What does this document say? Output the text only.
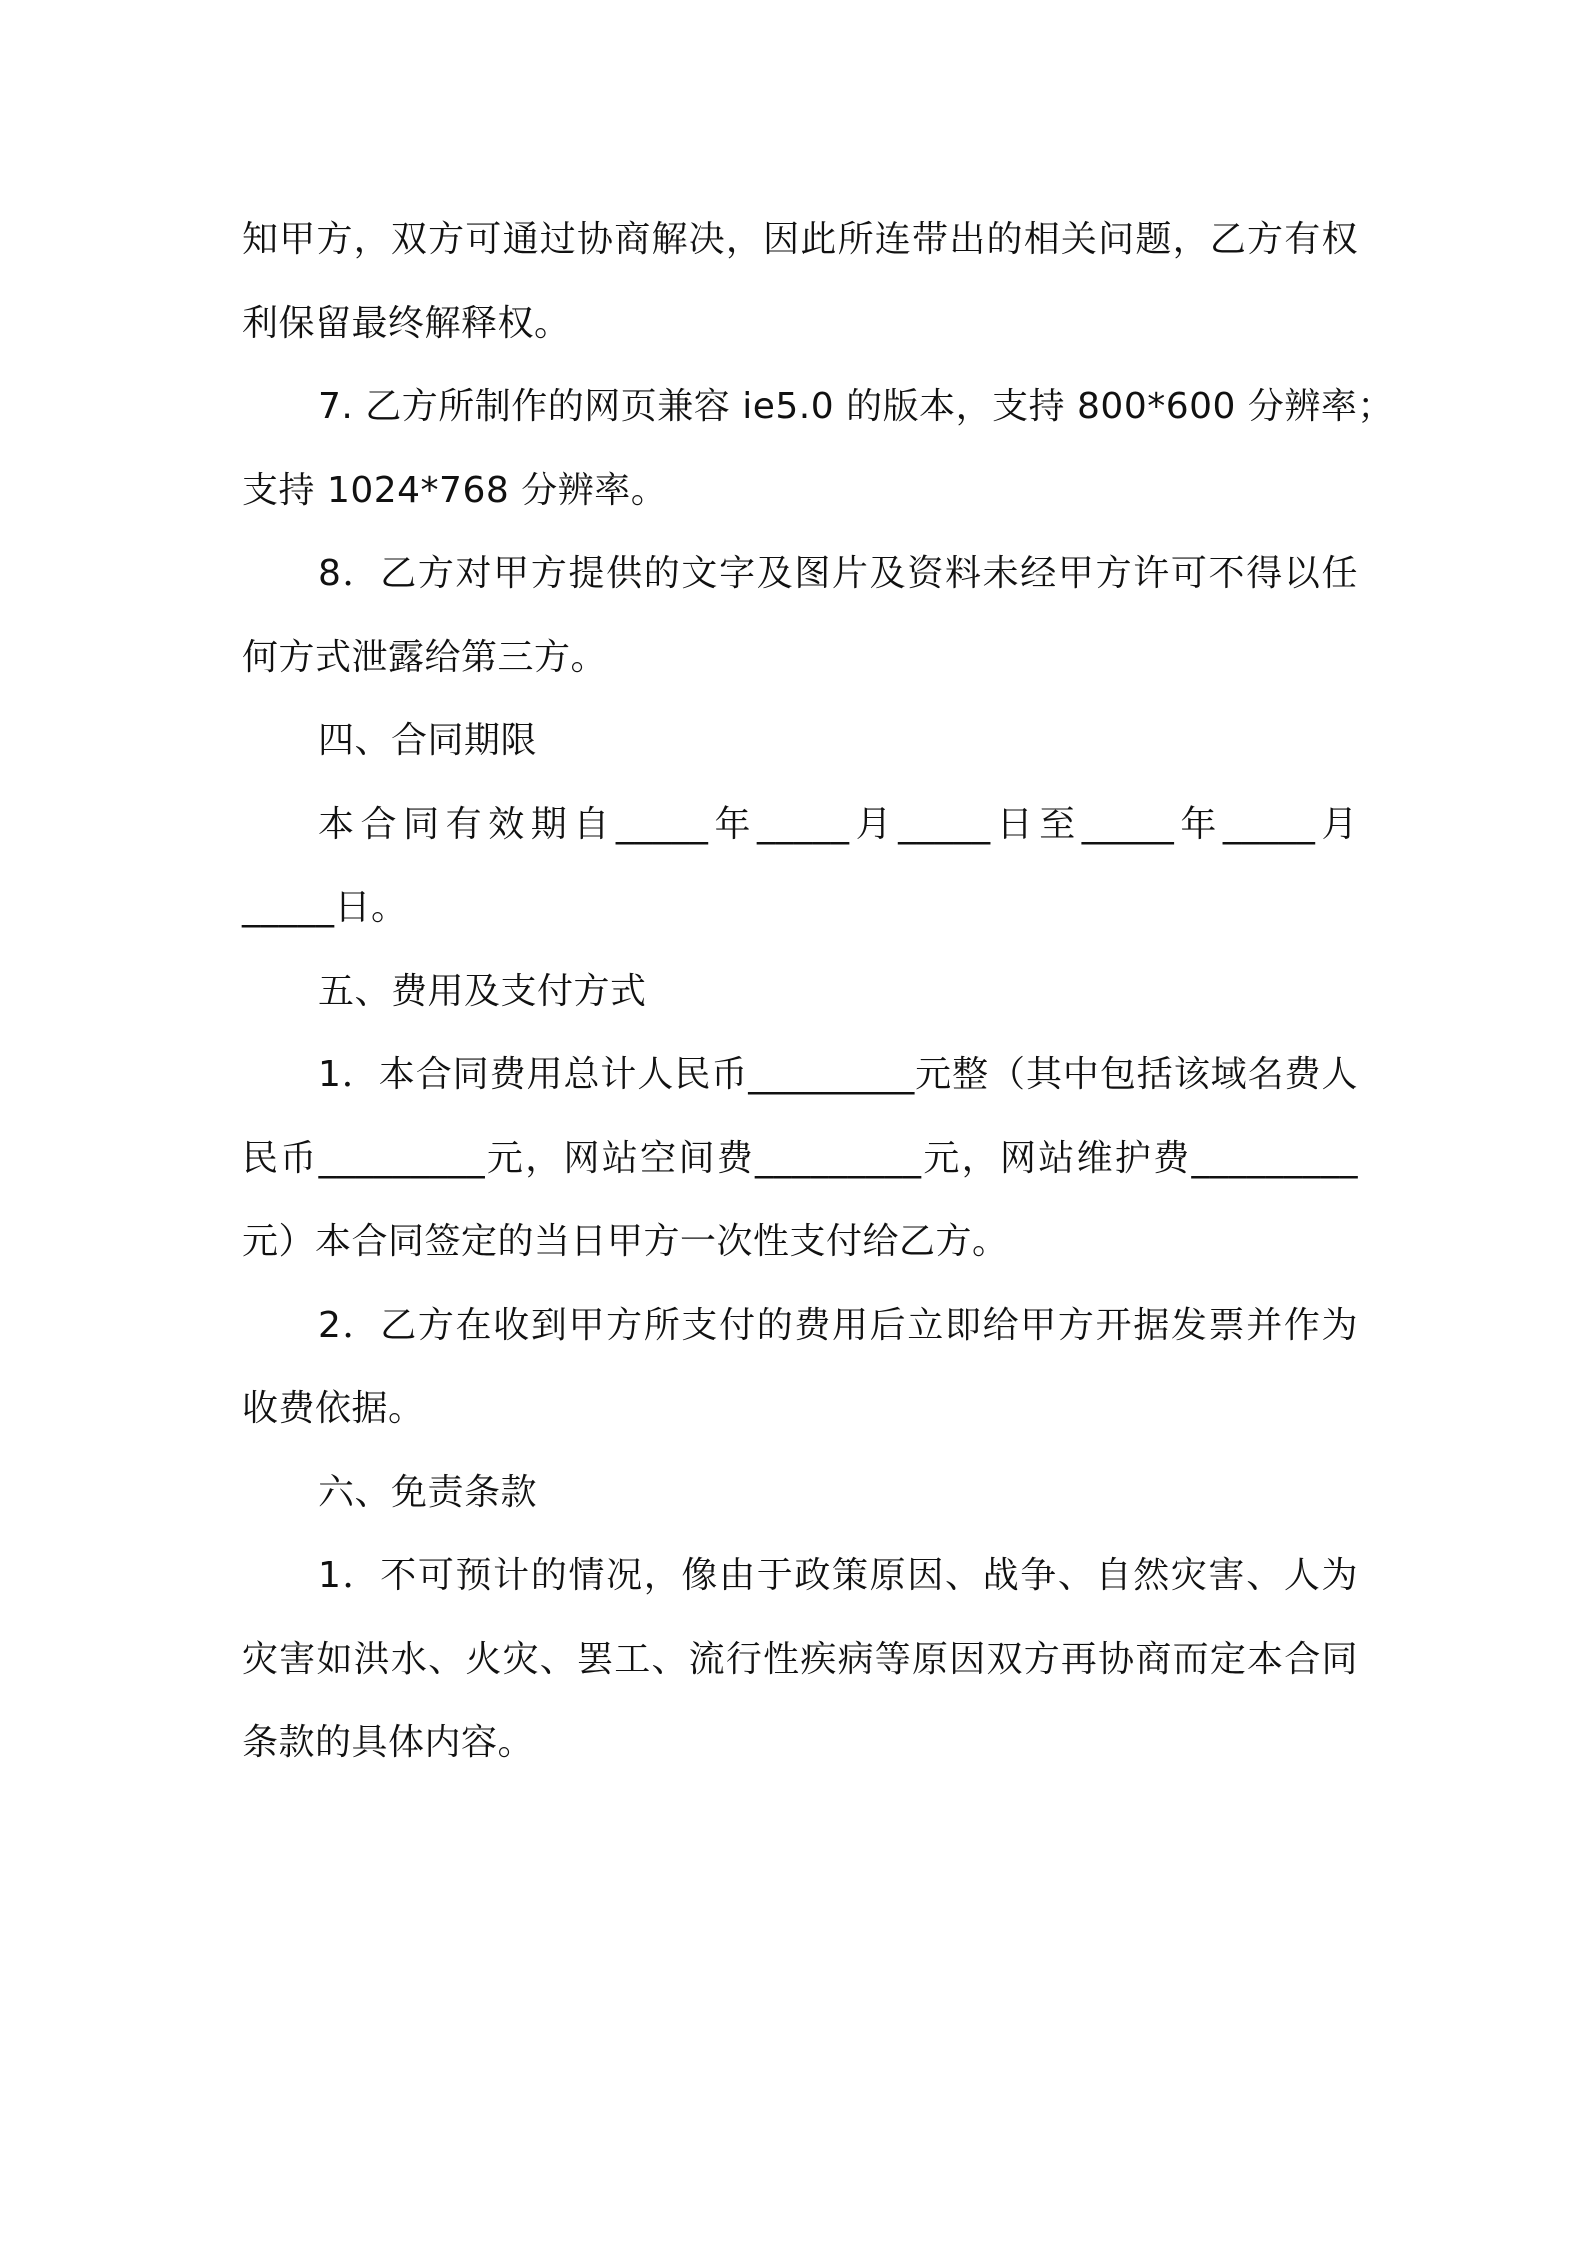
知甲方，双方可通过协商解决，因此所连带出的相关问题，乙方有权

利保留最终解释权。

7. 乙方所制作的网页兼容 ie5.0 的版本，支持 800*600 分辨率；

支持 1024*768 分辨率。

8．乙方对甲方提供的文字及图片及资料未经甲方许可不得以任

何方式泄露给第三方。

四、合同期限

本合同有效期自_____年_____月_____日至_____年_____月

_____日。

五、费用及支付方式

1．本合同费用总计人民币_________元整（其中包括该域名费人

民币_________元，网站空间费_________元，网站维护费_________

元）本合同签定的当日甲方一次性支付给乙方。

2．乙方在收到甲方所支付的费用后立即给甲方开据发票并作为

收费依据。

六、免责条款

1．不可预计的情况，像由于政策原因、战争、自然灾害、人为

灾害如洪水、火灾、罢工、流行性疾病等原因双方再协商而定本合同

条款的具体内容。
